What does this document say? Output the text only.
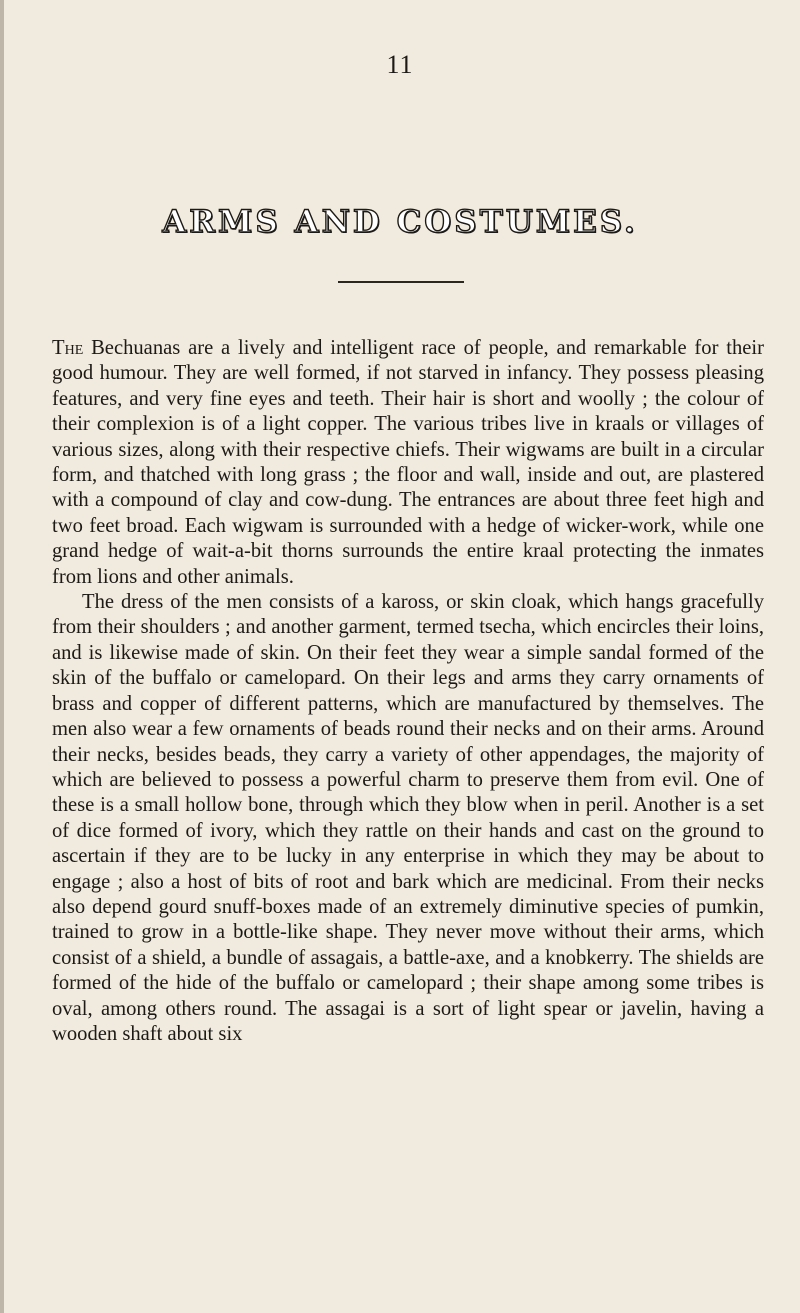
11
ARMS AND COSTUMES.

The Bechuanas are a lively and intelligent race of people, and remarkable for their good humour. They are well formed, if not starved in infancy. They possess pleasing features, and very fine eyes and teeth. Their hair is short and woolly ; the colour of their complexion is of a light copper. The various tribes live in kraals or villages of various sizes, along with their respective chiefs. Their wigwams are built in a circular form, and thatched with long grass ; the floor and wall, inside and out, are plastered with a compound of clay and cow-dung. The entrances are about three feet high and two feet broad. Each wigwam is surrounded with a hedge of wicker-work, while one grand hedge of wait-a-bit thorns surrounds the entire kraal protecting the inmates from lions and other animals.

The dress of the men consists of a kaross, or skin cloak, which hangs gracefully from their shoulders ; and another garment, termed tsecha, which encircles their loins, and is likewise made of skin. On their feet they wear a simple sandal formed of the skin of the buffalo or camelopard. On their legs and arms they carry ornaments of brass and copper of different patterns, which are manufactured by themselves. The men also wear a few ornaments of beads round their necks and on their arms. Around their necks, besides beads, they carry a variety of other appendages, the majority of which are believed to possess a powerful charm to preserve them from evil. One of these is a small hollow bone, through which they blow when in peril. Another is a set of dice formed of ivory, which they rattle on their hands and cast on the ground to ascertain if they are to be lucky in any enterprise in which they may be about to engage ; also a host of bits of root and bark which are medicinal. From their necks also depend gourd snuff-boxes made of an extremely diminutive species of pumkin, trained to grow in a bottle-like shape. They never move without their arms, which consist of a shield, a bundle of assagais, a battle-axe, and a knobkerry. The shields are formed of the hide of the buffalo or camelopard ; their shape among some tribes is oval, among others round. The assagai is a sort of light spear or javelin, having a wooden shaft about six
